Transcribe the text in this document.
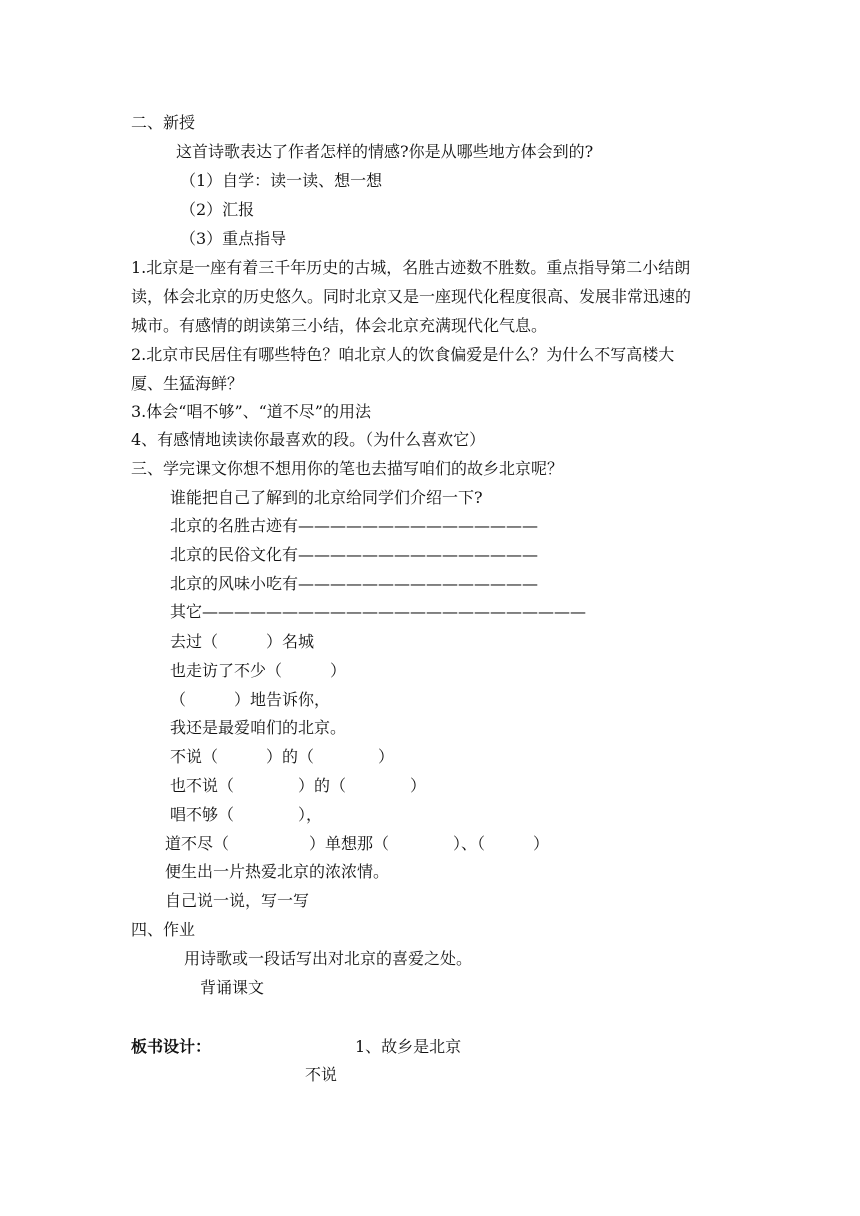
二、新授
这首诗歌表达了作者怎样的情感?你是从哪些地方体会到的?
（1）自学：读一读、想一想
（2）汇报
（3）重点指导
1.北京是一座有着三千年历史的古城，名胜古迹数不胜数。重点指导第二小结朗
读，体会北京的历史悠久。同时北京又是一座现代化程度很高、发展非常迅速的
城市。有感情的朗读第三小结，体会北京充满现代化气息。
2.北京市民居住有哪些特色？咱北京人的饮食偏爱是什么？为什么不写高楼大
厦、生猛海鲜？
3.体会“唱不够”、“道不尽”的用法
4、有感情地读读你最喜欢的段。（为什么喜欢它）
三、学完课文你想不想用你的笔也去描写咱们的故乡北京呢？
谁能把自己了解到的北京给同学们介绍一下?
北京的名胜古迹有———————————————
北京的民俗文化有———————————————
北京的风味小吃有———————————————
其它————————————————————————
去过（　　　）名城
也走访了不少（　　　）
（　　　）地告诉你，
我还是最爱咱们的北京。
不说（　　　）的（　　　　）
也不说（　　　　）的（　　　　）
唱不够（　　　　），
道不尽（　　　　　）单想那（　　　　）、（　　　）
便生出一片热爱北京的浓浓情。
自己说一说，写一写
四、作业
用诗歌或一段话写出对北京的喜爱之处。
背诵课文
板书设计：	1、故乡是北京
不说
